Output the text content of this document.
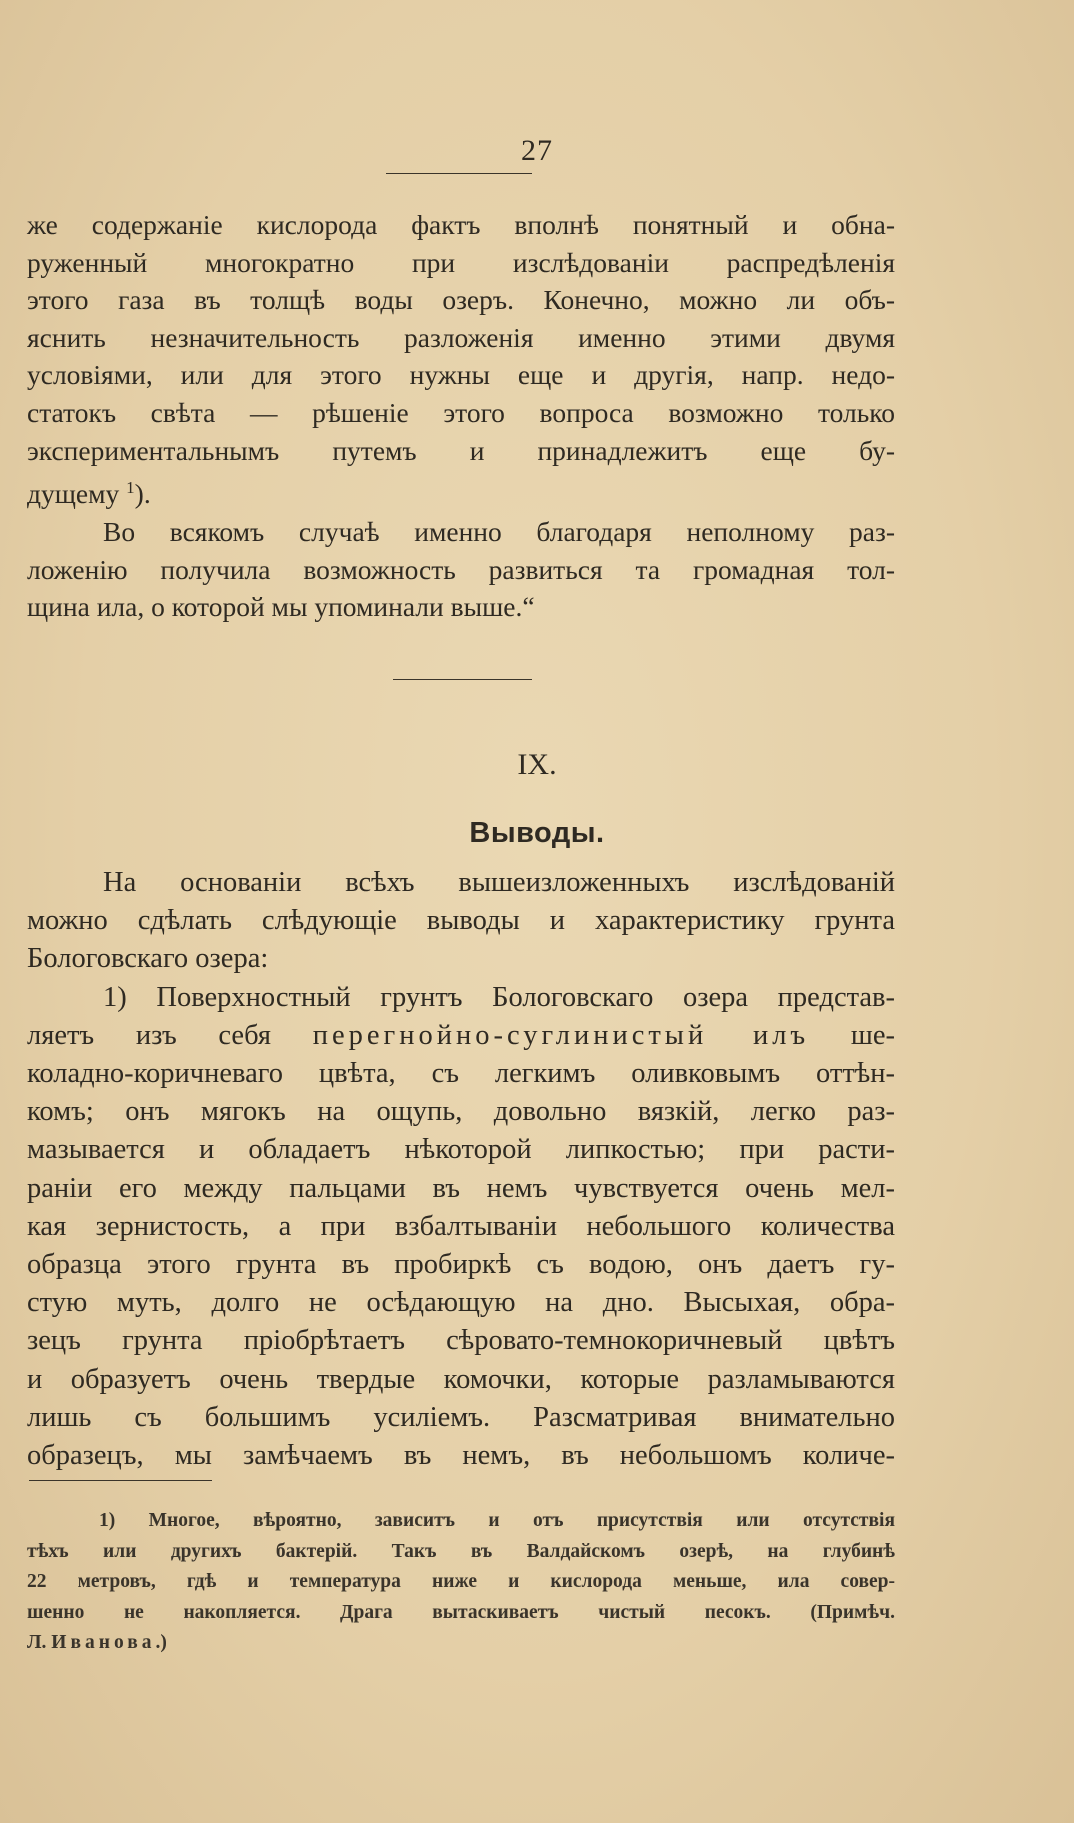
27
же содержаніе кислорода фактъ вполнѣ понятный и обна-
руженный многократно при изслѣдованіи распредѣленія
этого газа въ толщѣ воды озеръ. Конечно, можно ли объ-
яснить незначительность разложенія именно этими двумя
условіями, или для этого нужны еще и другія, напр. недо-
статокъ свѣта — рѣшеніе этого вопроса возможно только
экспериментальнымъ путемъ и принадлежитъ еще бу-
дущему $^1$).
Во всякомъ случаѣ именно благодаря неполному раз-
ложенію получила возможность развиться та громадная тол-
щина ила, о которой мы упоминали выше.“
IX.
Выводы.
На основаніи всѣхъ вышеизложенныхъ изслѣдованій
можно сдѣлать слѣдующіе выводы и характеристику грунта
Бологовскаго озера:
1) Поверхностный грунтъ Бологовскаго озера представ-
ляетъ изъ себя перегнойно-суглинистый илъ ше-
коладно-коричневаго цвѣта, съ легкимъ оливковымъ оттѣн-
комъ; онъ мягокъ на ощупь, довольно вязкій, легко раз-
мазывается и обладаетъ нѣкоторой липкостью; при расти-
раніи его между пальцами въ немъ чувствуется очень мел-
кая зернистость, а при взбалтываніи небольшого количества
образца этого грунта въ пробиркѣ съ водою, онъ даетъ гу-
стую муть, долго не осѣдающую на дно. Высыхая, обра-
зецъ грунта пріобрѣтаетъ сѣровато-темнокоричневый цвѣтъ
и образуетъ очень твердые комочки, которые разламываются
лишь съ большимъ усиліемъ. Разсматривая внимательно
образецъ, мы замѣчаемъ въ немъ, въ небольшомъ количе-
1) Многое, вѣроятно, зависитъ и отъ присутствія или отсутствія
тѣхъ или другихъ бактерій. Такъ въ Валдайскомъ озерѣ, на глубинѣ
22 метровъ, гдѣ и температура ниже и кислорода меньше, ила совер-
шенно не накопляется. Драга вытаскиваетъ чистый песокъ. (Примѣч.
Л. Иванова.)
